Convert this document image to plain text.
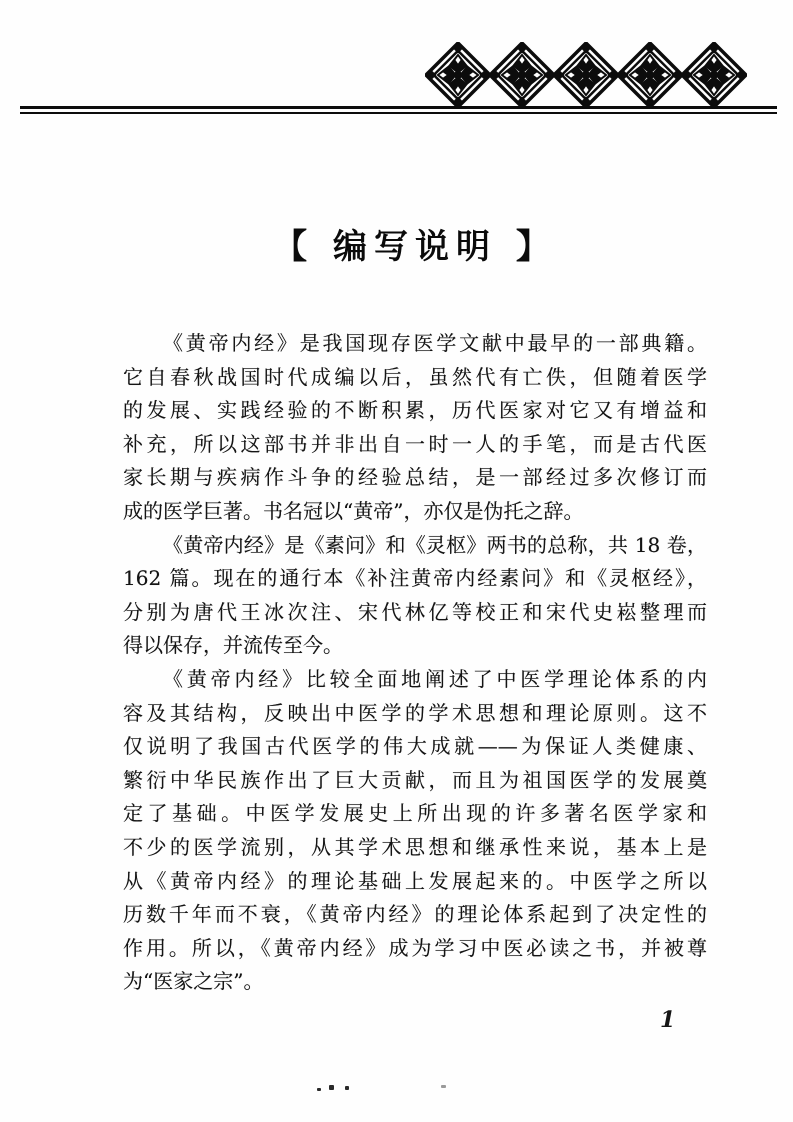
【 编写说明 】
《黄帝内经》是我国现存医学文献中最早的一部典籍。
它自春秋战国时代成编以后，虽然代有亡佚，但随着医学
的发展、实践经验的不断积累，历代医家对它又有增益和
补充，所以这部书并非出自一时一人的手笔，而是古代医
家长期与疾病作斗争的经验总结，是一部经过多次修订而
成的医学巨著。书名冠以“黄帝”，亦仅是伪托之辞。
《黄帝内经》是《素问》和《灵枢》两书的总称，共 18 卷，
162 篇。现在的通行本《补注黄帝内经素问》和《灵枢经》，
分别为唐代王冰次注、宋代林亿等校正和宋代史崧整理而
得以保存，并流传至今。
《黄帝内经》比较全面地阐述了中医学理论体系的内
容及其结构，反映出中医学的学术思想和理论原则。这不
仅说明了我国古代医学的伟大成就——为保证人类健康、
繁衍中华民族作出了巨大贡献，而且为祖国医学的发展奠
定了基础。中医学发展史上所出现的许多著名医学家和
不少的医学流别，从其学术思想和继承性来说，基本上是
从《黄帝内经》的理论基础上发展起来的。中医学之所以
历数千年而不衰，《黄帝内经》的理论体系起到了决定性的
作用。所以，《黄帝内经》成为学习中医必读之书，并被尊
为“医家之宗”。
1
